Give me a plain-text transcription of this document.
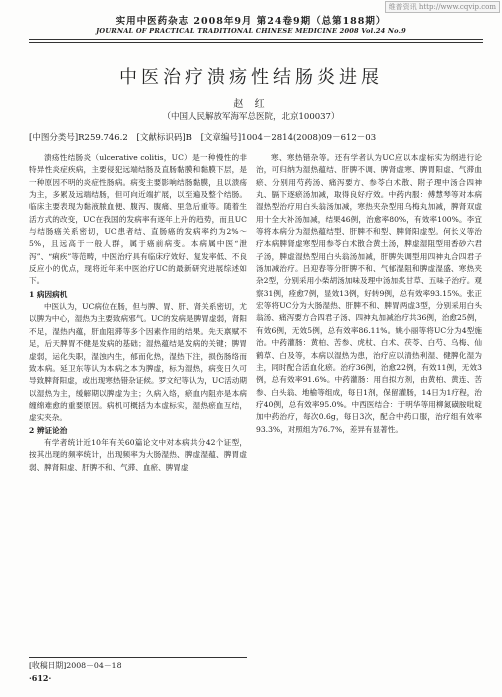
维普资讯 http://www.cqvip.com
实用中医药杂志 2008年9月 第24卷9期（总第188期）
JOURNAL OF PRACTICAL TRADITIONAL CHINESE MEDICINE 2008 Vol.24 No.9
中医治疗溃疡性结肠炎进展
赵 红
（中国人民解放军海军总医院，北京100037）
[中图分类号]R259.746.2 [文献标识码]B [文章编号]1004－2814(2008)09－612－03

溃疡性结肠炎（ulcerative colitis，UC）是一种慢性的非特异性炎症疾病，主要侵犯远端结肠及直肠黏膜和黏膜下层，是一种原因不明的炎症性肠病。病变主要影响结肠黏膜，且以溃疡为主，多累及远端结肠，但可向近端扩展，以至遍及整个结肠。临床主要表现为黏液脓血便、腹泻、腹痛、里急后重等。随着生活方式的改变，UC在我国的发病率有逐年上升的趋势，而且UC与结肠癌关系密切，UC患者结、直肠癌的发病率约为2%～5%，且远高于一般人群，属于癌前病变。本病属中医“泄泻”、“痢疾”等范畴，中医治疗具有临床疗效好、复发率低、不良反应小的优点，现将近年来中医治疗UC的最新研究进展综述如下。

1 病因病机

中医认为，UC病位在肠，但与脾、胃、肝、肾关系密切，尤以脾为中心，湿热为主要致病邪气。UC的发病是脾胃虚弱，肾阳不足，湿热内蕴，肝血阻滞等多个因素作用的结果。先天禀赋不足，后天脾胃不健是发病的基础；湿热蕴结是发病的关键；脾胃虚弱，运化失职，湿浊内生，郁而化热，湿热下注，损伤肠络而致本病。延卫东等认为本病之本为脾虚，标为湿热，病变日久可导致脾肾阳虚，或出现寒热错杂证候。罗文纪等认为，UC活动期以湿热为主，缓解期以脾虚为主；久病入络，瘀血内阻亦是本病缠绵难愈的重要原因。病机可概括为本虚标实，湿热瘀血互结，虚实夹杂。

2 辨证论治

有学者统计近10年有关60篇论文中对本病共分42个证型，按其出现的频率统计，出现频率为大肠湿热、脾虚湿蕴、脾胃虚弱、脾肾阳虚、肝脾不和、气滞、血瘀、脾胃虚

寒、寒热错杂等。还有学者认为UC应以本虚标实为纲进行论治，可归纳为湿热蕴结、肝脾不调、脾肾虚寒、脾胃阳虚、气滞血瘀、分别用芍药汤、痛泻要方、参苓白术散、附子理中汤合四神丸、膈下逐瘀汤加减，取得良好疗效。中药内服：傅慧琴等对本病湿热型治疗用白头翁汤加减，寒热夹杂型用乌梅丸加减，脾肾双虚用十全大补汤加减，结果46例，治愈率80%，有效率100%。李宜等将本病分为湿热蕴结型、肝脾不和型、脾肾阳虚型。何长义等治疗本病脾肾虚寒型用参苓白术散合黄土汤，脾虚湿阻型用香砂六君子汤，脾虚湿热型用白头翁汤加减，肝脾失调型用四神丸合四君子汤加减治疗。吕迎春等分肝脾不和、气郁湿阻和脾虚湿盛、寒热夹杂2型，分别采用小柴胡汤加味及理中汤加炙甘草、五味子治疗。观察31例，痊愈7例，显效13例，好转9例，总有效率93.15%。张正宏等将UC分为大肠湿热、肝脾不和、脾胃两虚3型，分别采用白头翁汤、痛泻要方合四君子汤、四神丸加减治疗共36例，治愈25例，有效6例，无效5例，总有效率86.11%。姚小丽等将UC分为4型施治。中药灌肠：黄柏、苦参、虎杖、白术、茯苓、白芍、乌梅、仙鹤草、白及等，本病以湿热为患，治疗应以清热利湿、健脾化湿为主，同时配合活血化瘀。治疗36例，治愈22例，有效11例，无效3例，总有效率91.6%。中药灌肠：用自拟方剂，由黄柏、黄连、苦参、白头翁、地榆等组成，每日1剂，保留灌肠，14日为1疗程，治疗40例，总有效率95.0%。中西医结合：于明华等用柳氮磺胺吡啶加中药治疗，每次0.6g，每日3次，配合中药口服，治疗组有效率93.3%，对照组为76.7%，差异有显著性。

[收稿日期]2008－04－18
·612·
